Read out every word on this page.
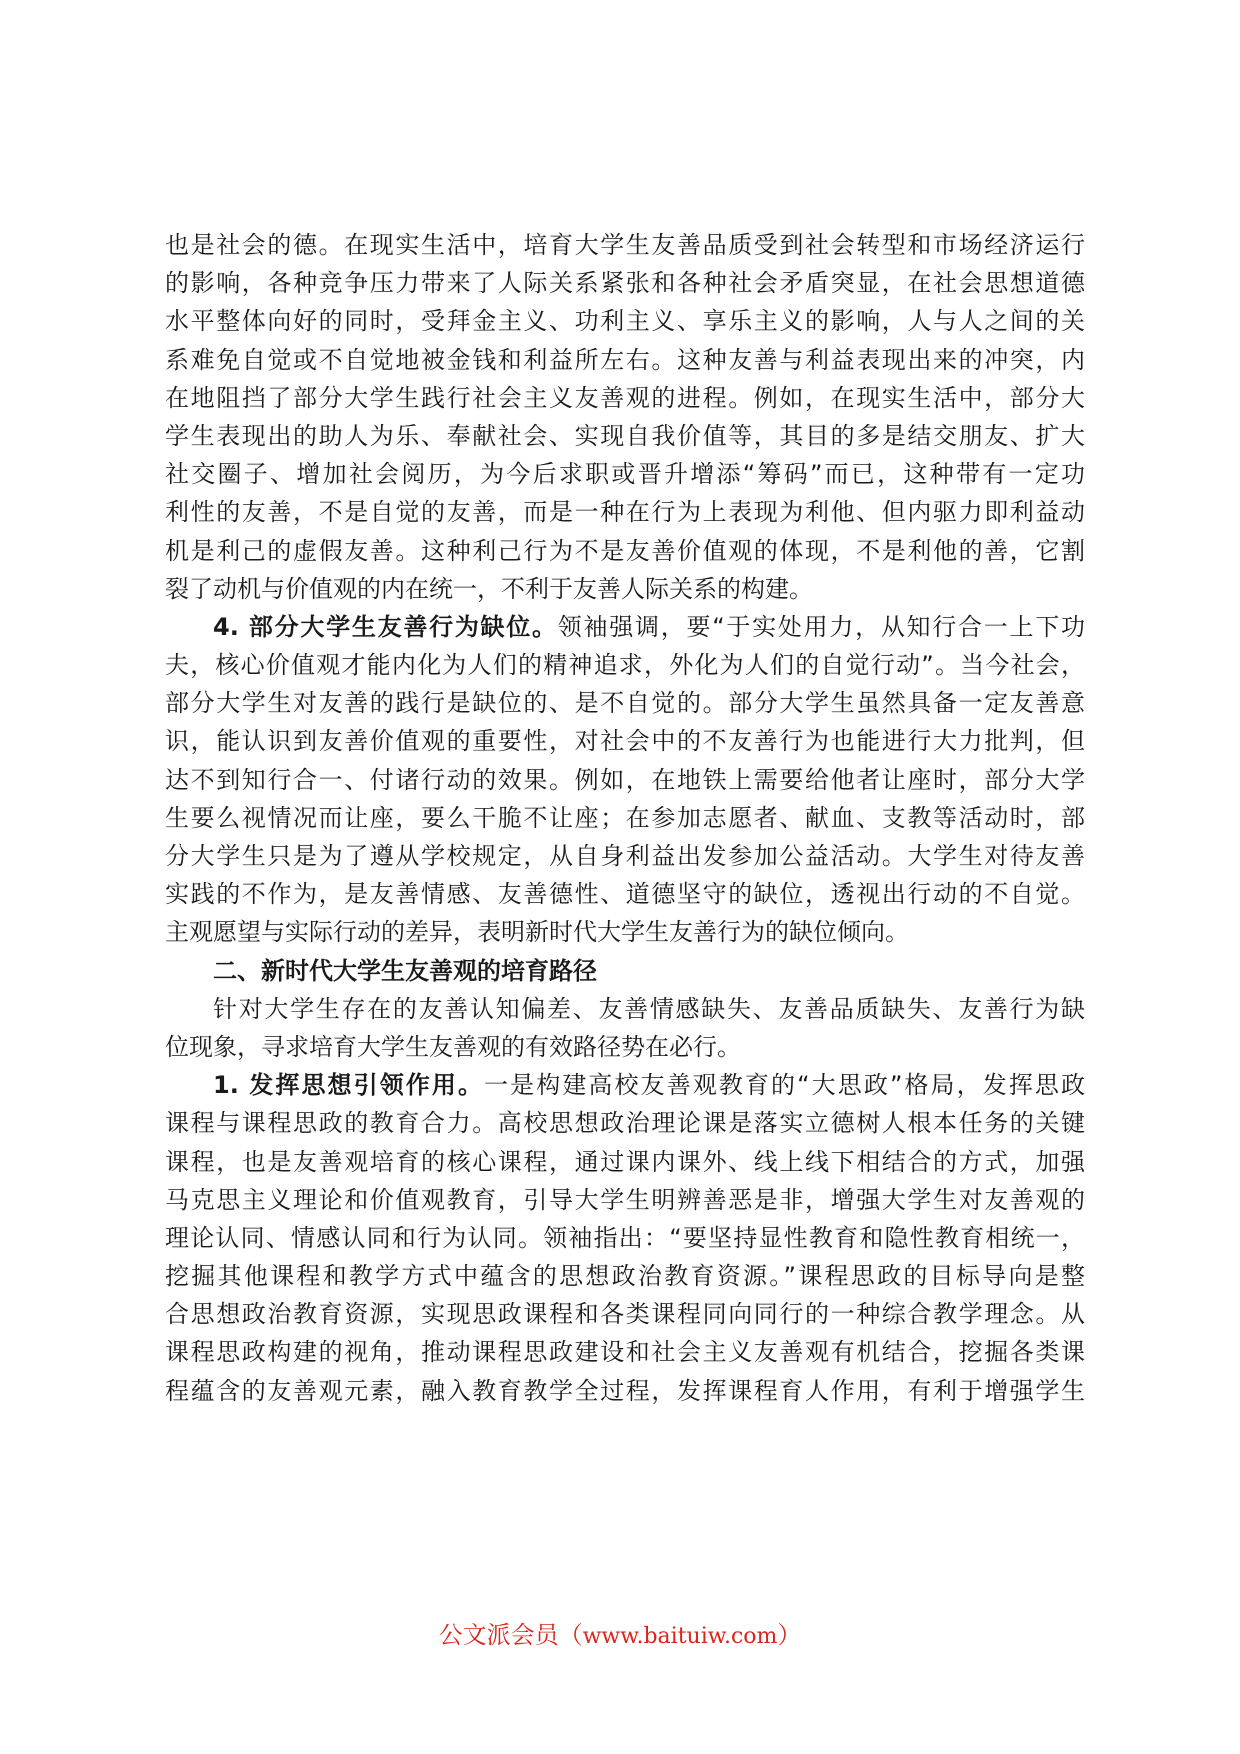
也是社会的德。在现实生活中，培育大学生友善品质受到社会转型和市场经济运行
的影响，各种竞争压力带来了人际关系紧张和各种社会矛盾突显，在社会思想道德
水平整体向好的同时，受拜金主义、功利主义、享乐主义的影响，人与人之间的关
系难免自觉或不自觉地被金钱和利益所左右。这种友善与利益表现出来的冲突，内
在地阻挡了部分大学生践行社会主义友善观的进程。例如，在现实生活中，部分大
学生表现出的助人为乐、奉献社会、实现自我价值等，其目的多是结交朋友、扩大
社交圈子、增加社会阅历，为今后求职或晋升增添“筹码”而已，这种带有一定功
利性的友善，不是自觉的友善，而是一种在行为上表现为利他、但内驱力即利益动
机是利己的虚假友善。这种利己行为不是友善价值观的体现，不是利他的善，它割
裂了动机与价值观的内在统一，不利于友善人际关系的构建。
4. 部分大学生友善行为缺位。领袖强调，要“于实处用力，从知行合一上下功
夫，核心价值观才能内化为人们的精神追求，外化为人们的自觉行动”。当今社会，
部分大学生对友善的践行是缺位的、是不自觉的。部分大学生虽然具备一定友善意
识，能认识到友善价值观的重要性，对社会中的不友善行为也能进行大力批判，但
达不到知行合一、付诸行动的效果。例如，在地铁上需要给他者让座时，部分大学
生要么视情况而让座，要么干脆不让座；在参加志愿者、献血、支教等活动时，部
分大学生只是为了遵从学校规定，从自身利益出发参加公益活动。大学生对待友善
实践的不作为，是友善情感、友善德性、道德坚守的缺位，透视出行动的不自觉。
主观愿望与实际行动的差异，表明新时代大学生友善行为的缺位倾向。
二、新时代大学生友善观的培育路径
针对大学生存在的友善认知偏差、友善情感缺失、友善品质缺失、友善行为缺
位现象，寻求培育大学生友善观的有效路径势在必行。
1. 发挥思想引领作用。一是构建高校友善观教育的“大思政”格局，发挥思政
课程与课程思政的教育合力。高校思想政治理论课是落实立德树人根本任务的关键
课程，也是友善观培育的核心课程，通过课内课外、线上线下相结合的方式，加强
马克思主义理论和价值观教育，引导大学生明辨善恶是非，增强大学生对友善观的
理论认同、情感认同和行为认同。领袖指出：“要坚持显性教育和隐性教育相统一，
挖掘其他课程和教学方式中蕴含的思想政治教育资源。”课程思政的目标导向是整
合思想政治教育资源，实现思政课程和各类课程同向同行的一种综合教学理念。从
课程思政构建的视角，推动课程思政建设和社会主义友善观有机结合，挖掘各类课
程蕴含的友善观元素，融入教育教学全过程，发挥课程育人作用，有利于增强学生
公文派会员（www.baituiw.com）
